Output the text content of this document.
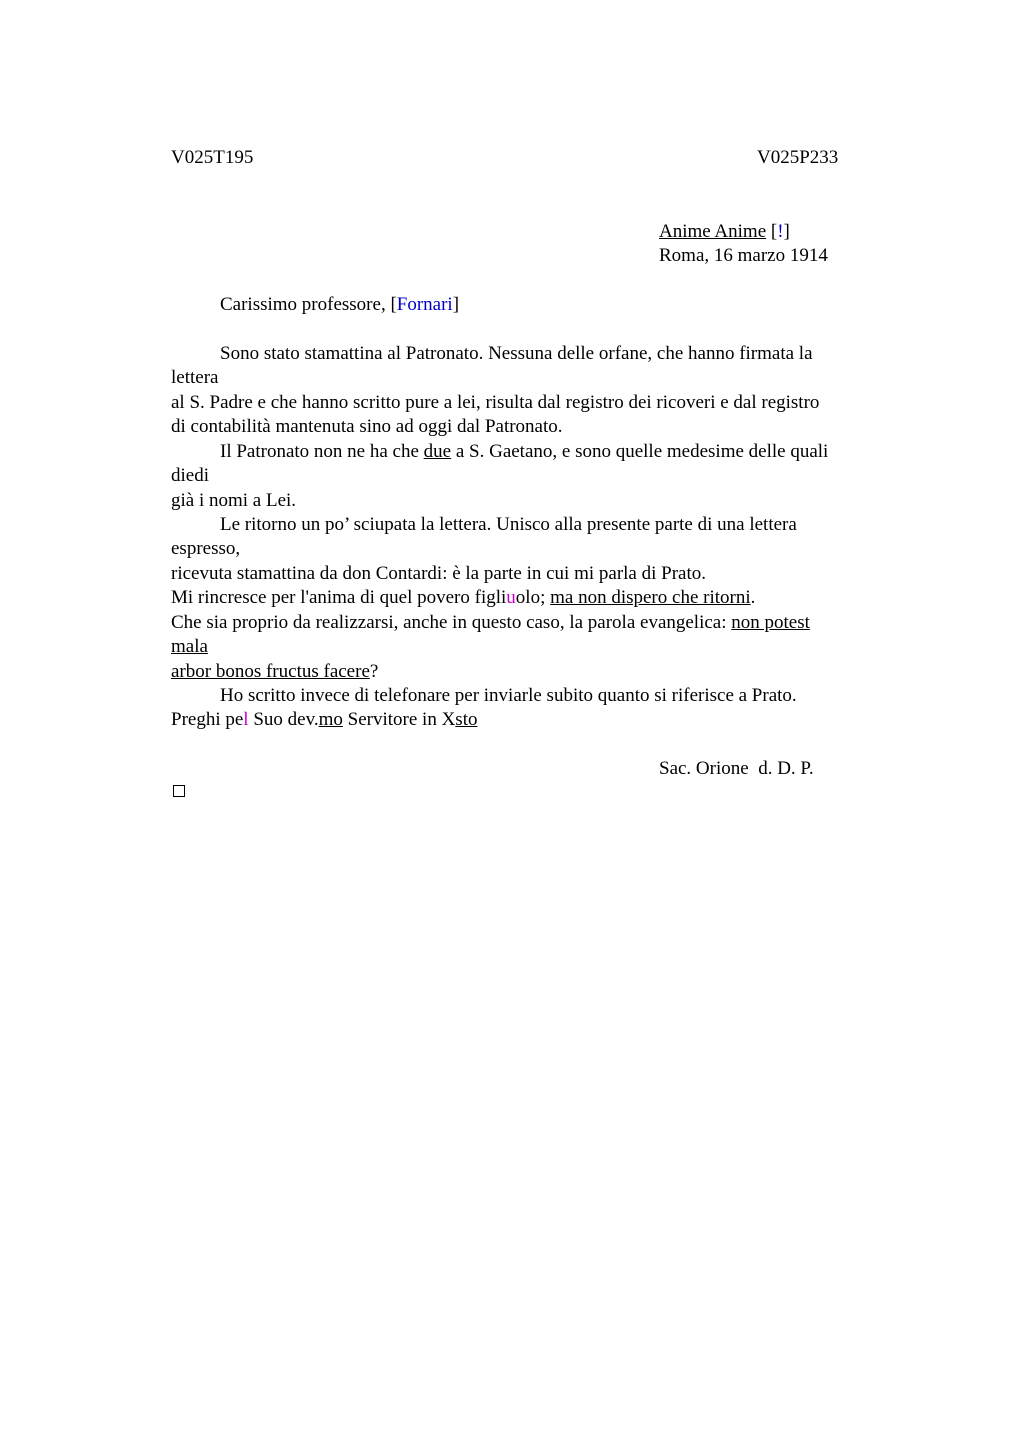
V025T195	V025P233
Anime Anime [!]
Roma, 16 marzo 1914
Carissimo professore, [Fornari]
Sono stato stamattina al Patronato. Nessuna delle orfane, che hanno firmata la
lettera
al S. Padre e che hanno scritto pure a lei, risulta dal registro dei ricoveri e dal registro
di contabilità mantenuta sino ad oggi dal Patronato.
Il Patronato non ne ha che due a S. Gaetano, e sono quelle medesime delle quali
diedi
già i nomi a Lei.
Le ritorno un po’ sciupata la lettera. Unisco alla presente parte di una lettera
espresso,
ricevuta stamattina da don Contardi: è la parte in cui mi parla di Prato.
Mi rincresce per l'anima di quel povero figliuolo; ma non dispero che ritorni.
Che sia proprio da realizzarsi, anche in questo caso, la parola evangelica: non potest
mala
arbor bonos fructus facere?
Ho scritto invece di telefonare per inviarle subito quanto si riferisce a Prato.
Preghi pel Suo dev.mo Servitore in Xsto
Sac. Orione  d. D. P.
